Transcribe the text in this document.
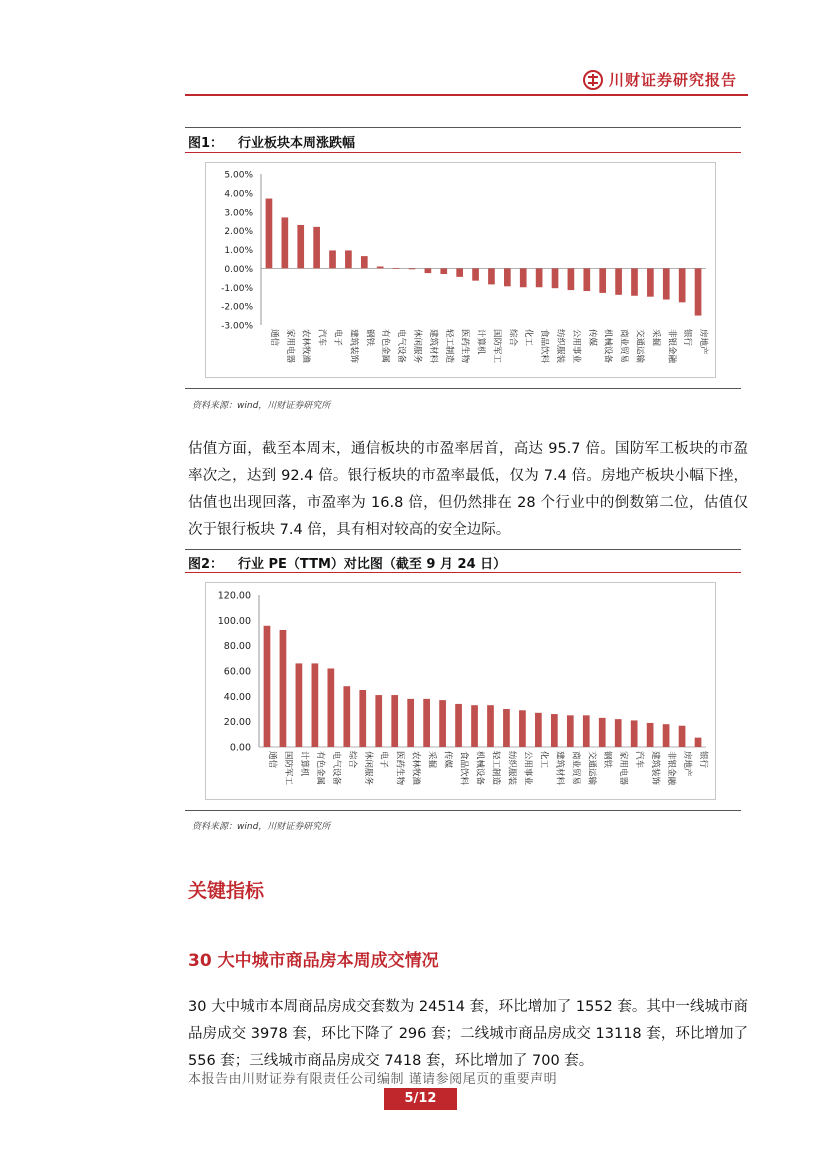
川财证券研究报告
图1： 行业板块本周涨跌幅
5.00%
4.00%
3.00%
2.00%
1.00%
0.00%
-1.00%
-2.00%
-3.00%
通信 家用电器 农林牧渔 汽车 电子 建筑装饰 钢铁 有色金属 电气设备 休闲服务 建筑材料 轻工制造 医药生物 计算机 国防军工 综合 化工 食品饮料 纺织服装 公用事业 传媒 机械设备 商业贸易 交通运输 采掘 非银金融 银行 房地产
资料来源：wind，川财证券研究所
估值方面，截至本周末，通信板块的市盈率居首，高达 95.7 倍。国防军工板块的市盈率次之，达到 92.4 倍。银行板块的市盈率最低，仅为 7.4 倍。房地产板块小幅下挫，估值也出现回落，市盈率为 16.8 倍，但仍然排在 28 个行业中的倒数第二位，估值仅次于银行板块 7.4 倍，具有相对较高的安全边际。
图2： 行业 PE（TTM）对比图（截至 9 月 24 日）
120.00
100.00
80.00
60.00
40.00
20.00
0.00
通信 国防军工 计算机 有色金属 电气设备 综合 休闲服务 电子 医药生物 农林牧渔 采掘 传媒 食品饮料 机械设备 轻工制造 纺织服装 公用事业 化工 建筑材料 商业贸易 交通运输 钢铁 家用电器 汽车 建筑装饰 非银金融 房地产 银行
资料来源：wind，川财证券研究所
关键指标
30 大中城市商品房本周成交情况
30 大中城市本周商品房成交套数为 24514 套，环比增加了 1552 套。其中一线城市商品房成交 3978 套，环比下降了 296 套；二线城市商品房成交 13118 套，环比增加了 556 套；三线城市商品房成交 7418 套，环比增加了 700 套。
本报告由川财证券有限责任公司编制 谨请参阅尾页的重要声明
5/12
